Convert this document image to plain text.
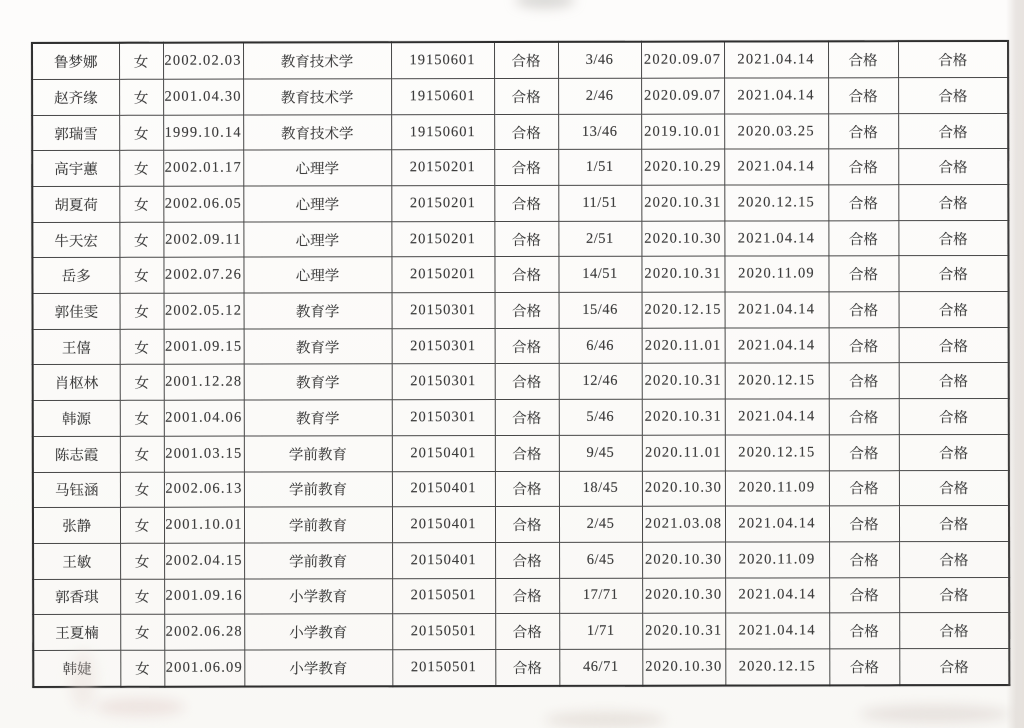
鲁梦娜	女	2002.02.03	教育技术学	19150601	合格	3/46	2020.09.07	2021.04.14	合格	合格
赵齐缘	女	2001.04.30	教育技术学	19150601	合格	2/46	2020.09.07	2021.04.14	合格	合格
郭瑞雪	女	1999.10.14	教育技术学	19150601	合格	13/46	2019.10.01	2020.03.25	合格	合格
高宇蕙	女	2002.01.17	心理学	20150201	合格	1/51	2020.10.29	2021.04.14	合格	合格
胡夏荷	女	2002.06.05	心理学	20150201	合格	11/51	2020.10.31	2020.12.15	合格	合格
牛天宏	女	2002.09.11	心理学	20150201	合格	2/51	2020.10.30	2021.04.14	合格	合格
岳多	女	2002.07.26	心理学	20150201	合格	14/51	2020.10.31	2020.11.09	合格	合格
郭佳雯	女	2002.05.12	教育学	20150301	合格	15/46	2020.12.15	2021.04.14	合格	合格
王僖	女	2001.09.15	教育学	20150301	合格	6/46	2020.11.01	2021.04.14	合格	合格
肖枢林	女	2001.12.28	教育学	20150301	合格	12/46	2020.10.31	2020.12.15	合格	合格
韩源	女	2001.04.06	教育学	20150301	合格	5/46	2020.10.31	2021.04.14	合格	合格
陈志霞	女	2001.03.15	学前教育	20150401	合格	9/45	2020.11.01	2020.12.15	合格	合格
马钰涵	女	2002.06.13	学前教育	20150401	合格	18/45	2020.10.30	2020.11.09	合格	合格
张静	女	2001.10.01	学前教育	20150401	合格	2/45	2021.03.08	2021.04.14	合格	合格
王敏	女	2002.04.15	学前教育	20150401	合格	6/45	2020.10.30	2020.11.09	合格	合格
郭香琪	女	2001.09.16	小学教育	20150501	合格	17/71	2020.10.30	2021.04.14	合格	合格
王夏楠	女	2002.06.28	小学教育	20150501	合格	1/71	2020.10.31	2021.04.14	合格	合格
韩婕	女	2001.06.09	小学教育	20150501	合格	46/71	2020.10.30	2020.12.15	合格	合格
